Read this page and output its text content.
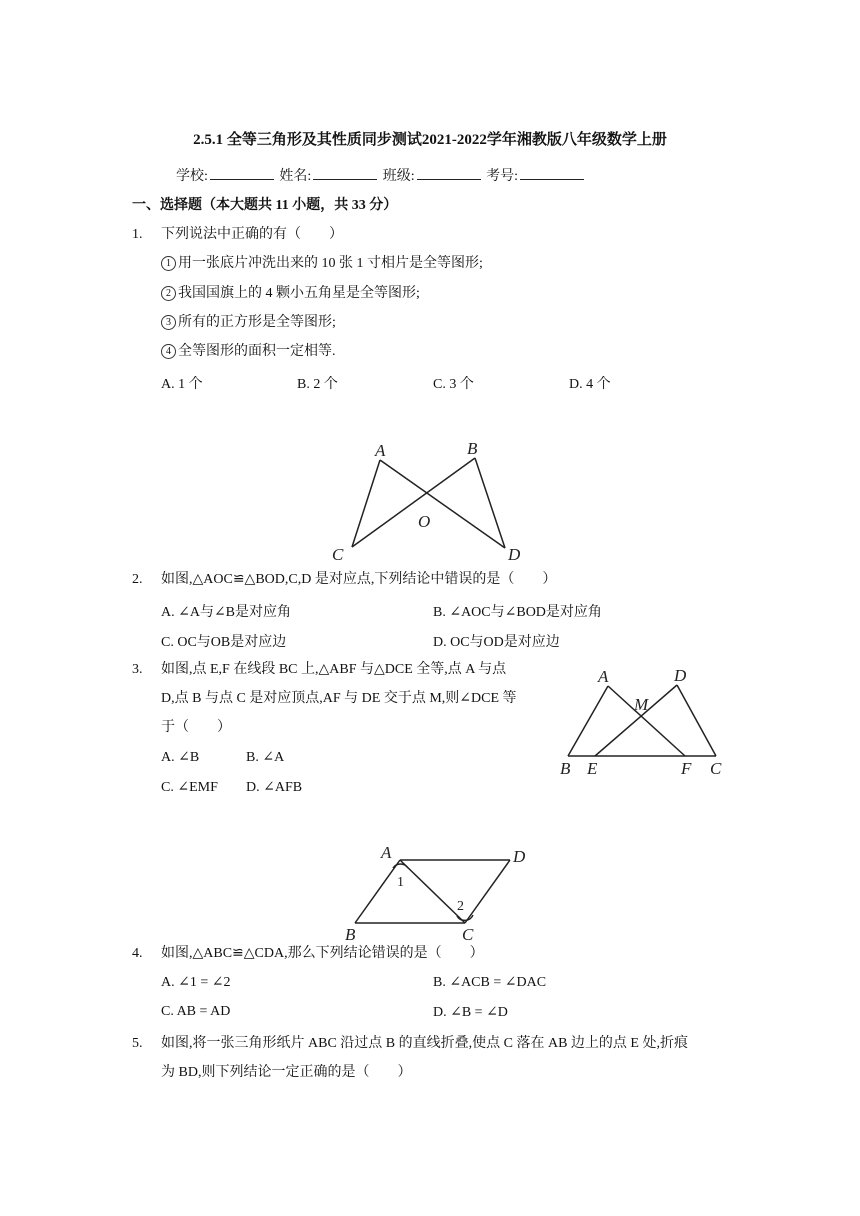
2.5.1 全等三角形及其性质同步测试2021-2022学年湘教版八年级数学上册
学校:	姓名:	班级:	考号:
一、选择题（本大题共 11 小题，共 33 分）
1. 下列说法中正确的有（　　）
1 用一张底片冲洗出来的 10 张 1 寸相片是全等图形;
2 我国国旗上的 4 颗小五角星是全等图形;
3 所有的正方形是全等图形;
4 全等图形的面积一定相等.
A. 1 个	B. 2 个	C. 3 个	D. 4 个
A	B
C	D
O
2. 如图,△AOC≌△BOD,C,D 是对应点,下列结论中错误的是（　　）
A. ∠A与∠B是对应角	B. ∠AOC与∠BOD是对应角
C. OC与OB是对应边	D. OC与OD是对应边
3. 如图,点 E,F 在线段 BC 上,△ABF 与△DCE 全等,点 A 与点
D,点 B 与点 C 是对应顶点,AF 与 DE 交于点 M,则∠DCE 等
于（　　）
A. ∠B	B. ∠A
C. ∠EMF D. ∠AFB
A	D
M
B E	F C
A	D
B	C
1
2
4. 如图,△ABC≌△CDA,那么下列结论错误的是（　　）
A. ∠1 = ∠2	B. ∠ACB = ∠DAC
C. AB = AD	D. ∠B = ∠D
5. 如图,将一张三角形纸片 ABC 沿过点 B 的直线折叠,使点 C 落在 AB 边上的点 E 处,折痕
为 BD,则下列结论一定正确的是（　　）
